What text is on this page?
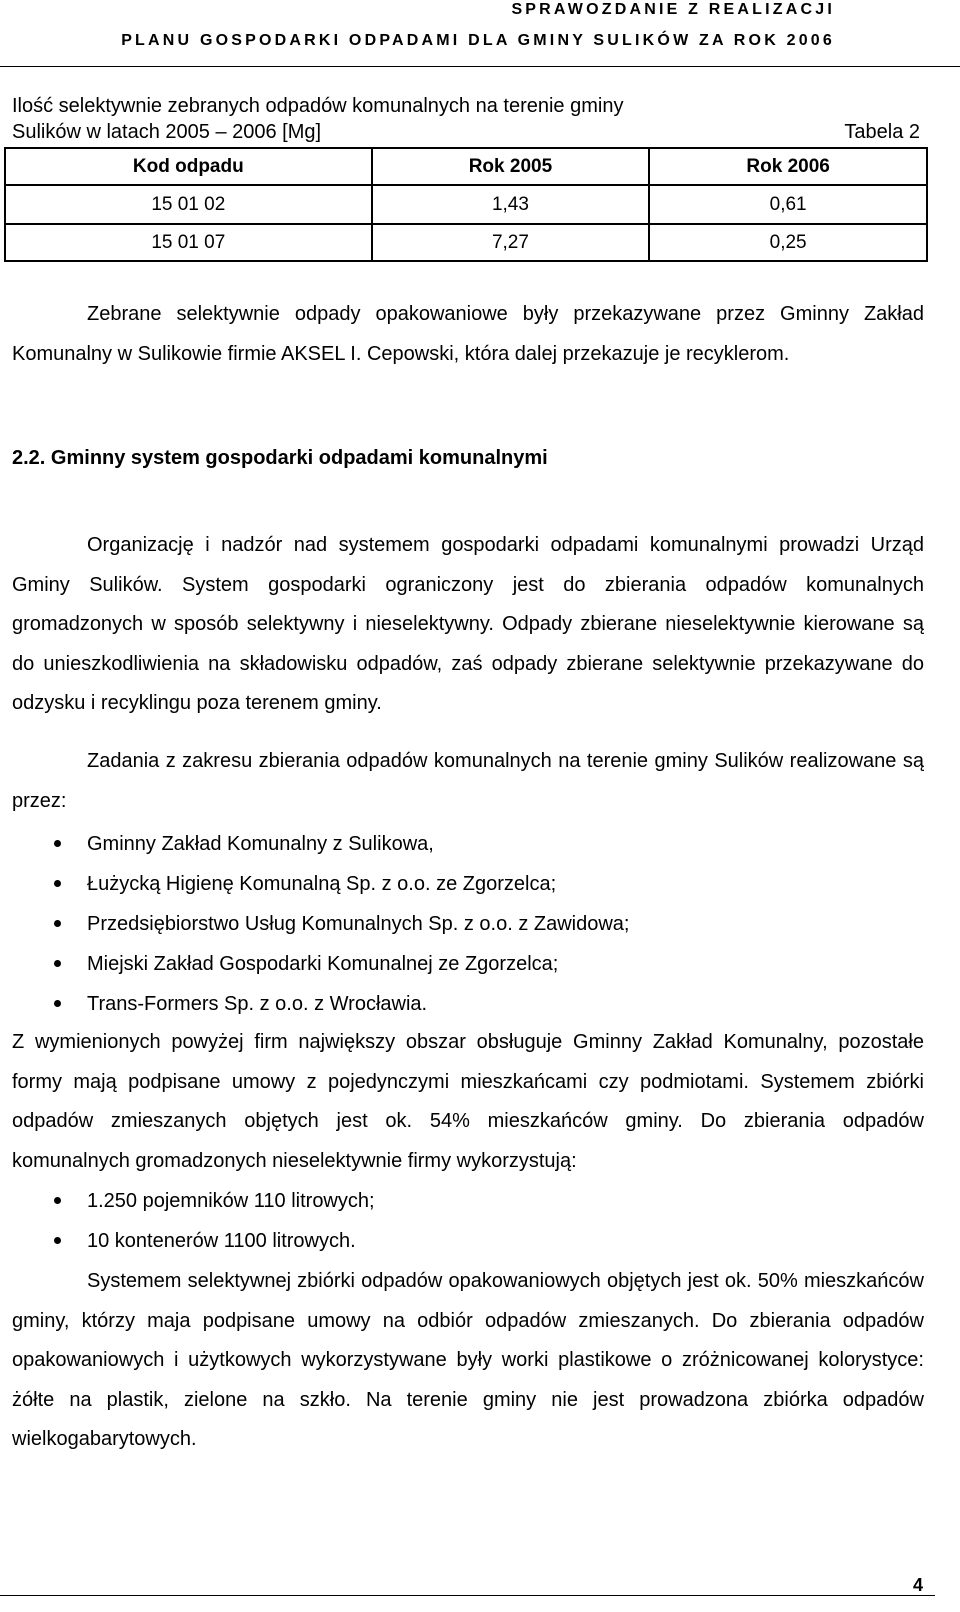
SPRAWOZDANIE Z REALIZACJI
PLANU GOSPODARKI ODPADAMI DLA GMINY SULIKÓW ZA ROK 2006
Ilość selektywnie zebranych odpadów komunalnych na terenie gminy
Sulików w latach 2005 – 2006 [Mg]	Tabela 2
Kod odpadu	Rok 2005	Rok 2006
15 01 02	1,43	0,61
15 01 07	7,27	0,25
Zebrane selektywnie odpady opakowaniowe były przekazywane przez Gminny Zakład Komunalny w Sulikowie firmie AKSEL I. Cepowski, która dalej przekazuje je recyklerom.
2.2. Gminny system gospodarki odpadami komunalnymi
Organizację i nadzór nad systemem gospodarki odpadami komunalnymi prowadzi Urząd Gminy Sulików. System gospodarki ograniczony jest do zbierania odpadów komunalnych gromadzonych w sposób selektywny i nieselektywny. Odpady zbierane nieselektywnie kierowane są do unieszkodliwienia na składowisku odpadów, zaś odpady zbierane selektywnie przekazywane do odzysku i recyklingu poza terenem gminy.
Zadania z zakresu zbierania odpadów komunalnych na terenie gminy Sulików realizowane są przez:
Gminny Zakład Komunalny z Sulikowa,
Łużycką Higienę Komunalną Sp. z o.o. ze Zgorzelca;
Przedsiębiorstwo Usług Komunalnych Sp. z o.o. z Zawidowa;
Miejski Zakład Gospodarki Komunalnej ze Zgorzelca;
Trans-Formers Sp. z o.o. z Wrocławia.
Z wymienionych powyżej firm największy obszar obsługuje Gminny Zakład Komunalny, pozostałe formy mają podpisane umowy z pojedynczymi mieszkańcami czy podmiotami. Systemem zbiórki odpadów zmieszanych objętych jest ok. 54% mieszkańców gminy. Do zbierania odpadów komunalnych gromadzonych nieselektywnie firmy wykorzystują:
1.250 pojemników 110 litrowych;
10 kontenerów 1100 litrowych.
Systemem selektywnej zbiórki odpadów opakowaniowych objętych jest ok. 50% mieszkańców gminy, którzy maja podpisane umowy na odbiór odpadów zmieszanych. Do zbierania odpadów opakowaniowych i użytkowych wykorzystywane były worki plastikowe o zróżnicowanej kolorystyce: żółte na plastik, zielone na szkło. Na terenie gminy nie jest prowadzona zbiórka odpadów wielkogabarytowych.
4
